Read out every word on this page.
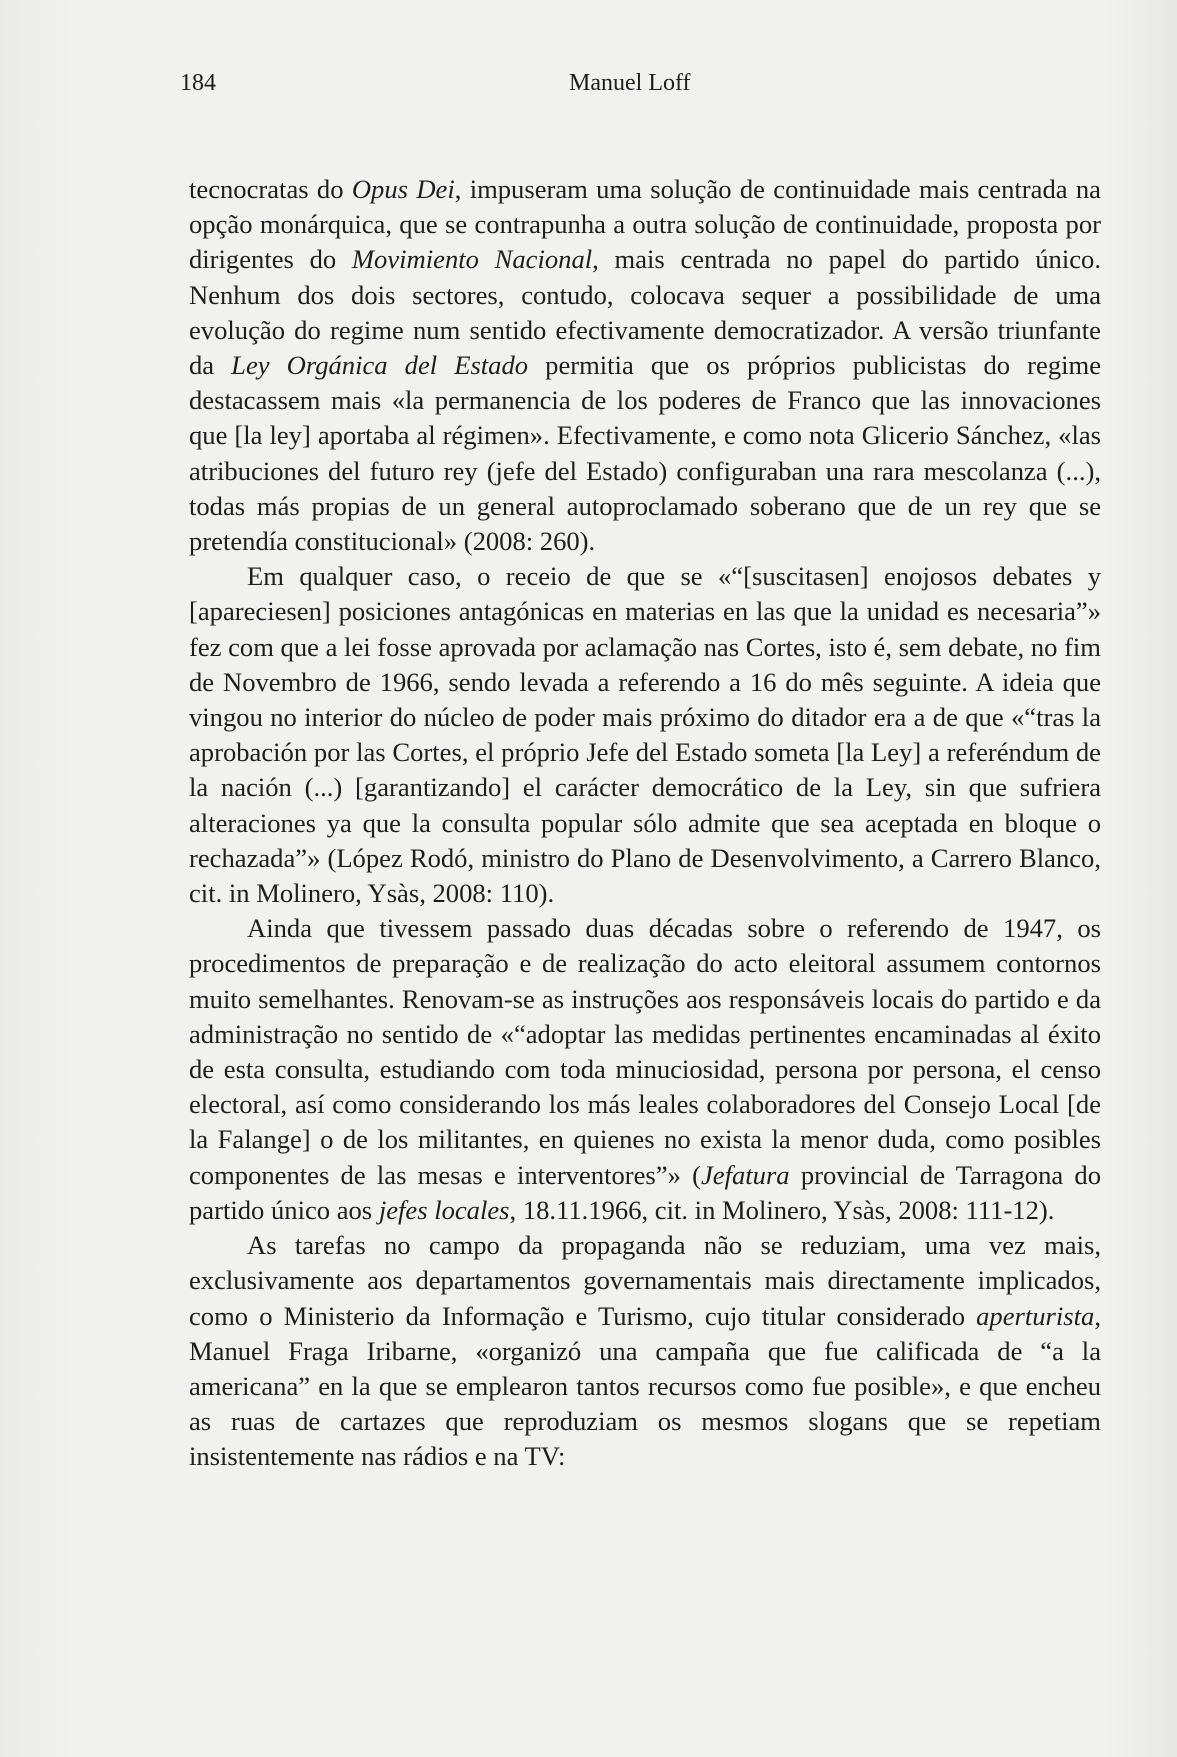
184	Manuel Loff

tecnocratas do Opus Dei, impuseram uma solução de continuidade mais centrada na opção monárquica, que se contrapunha a outra solução de continuidade, proposta por dirigentes do Movimiento Nacional, mais centrada no papel do partido único. Nenhum dos dois sectores, contudo, colocava sequer a possibilidade de uma evolução do regime num sentido efectivamente democratizador. A versão triunfante da Ley Orgánica del Estado permitia que os próprios publicistas do regime destacassem mais «la permanencia de los poderes de Franco que las innovaciones que [la ley] aportaba al régimen». Efectivamente, e como nota Glicerio Sánchez, «las atribuciones del futuro rey (jefe del Estado) configuraban una rara mescolanza (...), todas más propias de un general autoproclamado soberano que de un rey que se pretendía constitucional» (2008: 260).

Em qualquer caso, o receio de que se «“[suscitasen] enojosos debates y [apareciesen] posiciones antagónicas en materias en las que la unidad es necesaria”» fez com que a lei fosse aprovada por aclamação nas Cortes, isto é, sem debate, no fim de Novembro de 1966, sendo levada a referendo a 16 do mês seguinte. A ideia que vingou no interior do núcleo de poder mais próximo do ditador era a de que «“tras la aprobación por las Cortes, el próprio Jefe del Estado someta [la Ley] a referéndum de la nación (...) [garantizando] el carácter democrático de la Ley, sin que sufriera alteraciones ya que la consulta popular sólo admite que sea aceptada en bloque o rechazada”» (López Rodó, ministro do Plano de Desenvolvimento, a Carrero Blanco, cit. in Molinero, Ysàs, 2008: 110).

Ainda que tivessem passado duas décadas sobre o referendo de 1947, os procedimentos de preparação e de realização do acto eleitoral assumem contornos muito semelhantes. Renovam-se as instruções aos responsáveis locais do partido e da administração no sentido de «“adoptar las medidas pertinentes encaminadas al éxito de esta consulta, estudiando com toda minuciosidad, persona por persona, el censo electoral, así como considerando los más leales colaboradores del Consejo Local [de la Falange] o de los militantes, en quienes no exista la menor duda, como posibles componentes de las mesas e interventores”» (Jefatura provincial de Tarragona do partido único aos jefes locales, 18.11.1966, cit. in Molinero, Ysàs, 2008: 111-12).

As tarefas no campo da propaganda não se reduziam, uma vez mais, exclusivamente aos departamentos governamentais mais directamente implicados, como o Ministerio da Informação e Turismo, cujo titular considerado aperturista, Manuel Fraga Iribarne, «organizó una campaña que fue calificada de “a la americana” en la que se emplearon tantos recursos como fue posible», e que encheu as ruas de cartazes que reproduziam os mesmos slogans que se repetiam insistentemente nas rádios e na TV:
